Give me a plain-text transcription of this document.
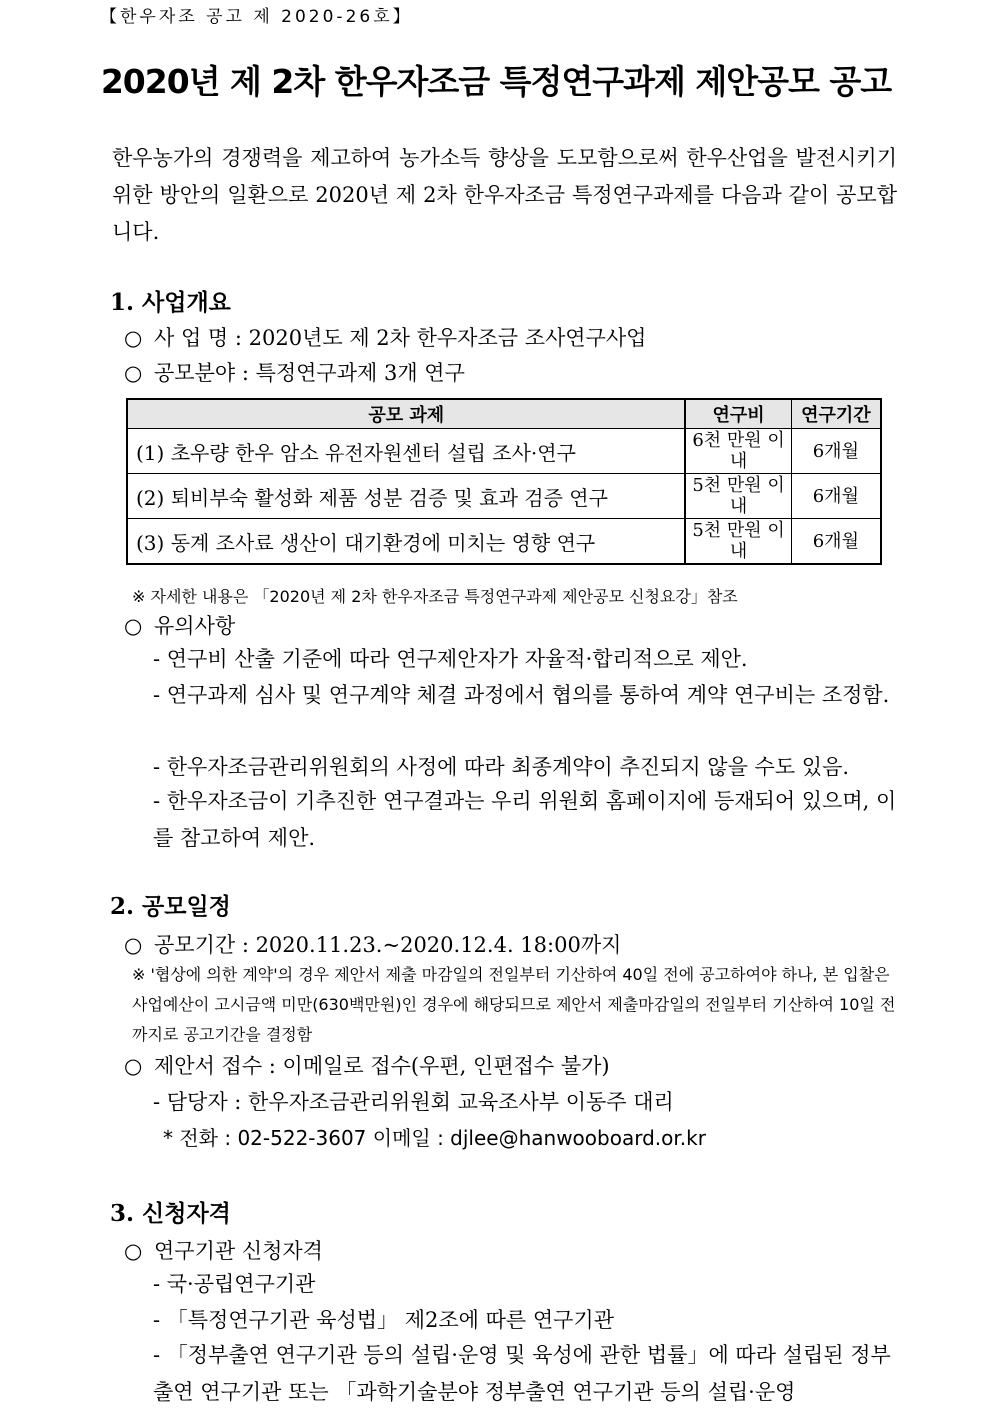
【한우자조 공고 제 2020-26호】
2020년 제 2차 한우자조금 특정연구과제 제안공모 공고
한우농가의 경쟁력을 제고하여 농가소득 향상을 도모함으로써 한우산업을 발전시키기 위한 방안의 일환으로 2020년 제 2차 한우자조금 특정연구과제를 다음과 같이 공모합니다.
1. 사업개요
○ 사 업 명 : 2020년도 제 2차 한우자조금 조사연구사업
○ 공모분야 : 특정연구과제 3개 연구
공모 과제	연구비	연구기간
(1) 초우량 한우 암소 유전자원센터 설립 조사·연구	6천 만원 이내	6개월
(2) 퇴비부숙 활성화 제품 성분 검증 및 효과 검증 연구	5천 만원 이내	6개월
(3) 동계 조사료 생산이 대기환경에 미치는 영향 연구	5천 만원 이내	6개월
※ 자세한 내용은 「2020년 제 2차 한우자조금 특정연구과제 제안공모 신청요강」참조
○ 유의사항
- 연구비 산출 기준에 따라 연구제안자가 자율적·합리적으로 제안.
- 연구과제 심사 및 연구계약 체결 과정에서 협의를 통하여 계약 연구비는 조정함.
- 한우자조금관리위원회의 사정에 따라 최종계약이 추진되지 않을 수도 있음.
- 한우자조금이 기추진한 연구결과는 우리 위원회 홈페이지에 등재되어 있으며, 이를 참고하여 제안.
2. 공모일정
○ 공모기간 : 2020.11.23.~2020.12.4. 18:00까지
※ '협상에 의한 계약'의 경우 제안서 제출 마감일의 전일부터 기산하여 40일 전에 공고하여야 하나, 본 입찰은 사업예산이 고시금액 미만(630백만원)인 경우에 해당되므로 제안서 제출마감일의 전일부터 기산하여 10일 전까지로 공고기간을 결정함
○ 제안서 접수 : 이메일로 접수(우편, 인편접수 불가)
- 담당자 : 한우자조금관리위원회 교육조사부 이동주 대리
* 전화 : 02-522-3607 이메일 : djlee@hanwooboard.or.kr
3. 신청자격
○ 연구기관 신청자격
- 국·공립연구기관
- 「특정연구기관 육성법」 제2조에 따른 연구기관
- 「정부출연 연구기관 등의 설립·운영 및 육성에 관한 법률」에 따라 설립된 정부출연 연구기관 또는 「과학기술분야 정부출연 연구기관 등의 설립·운영
